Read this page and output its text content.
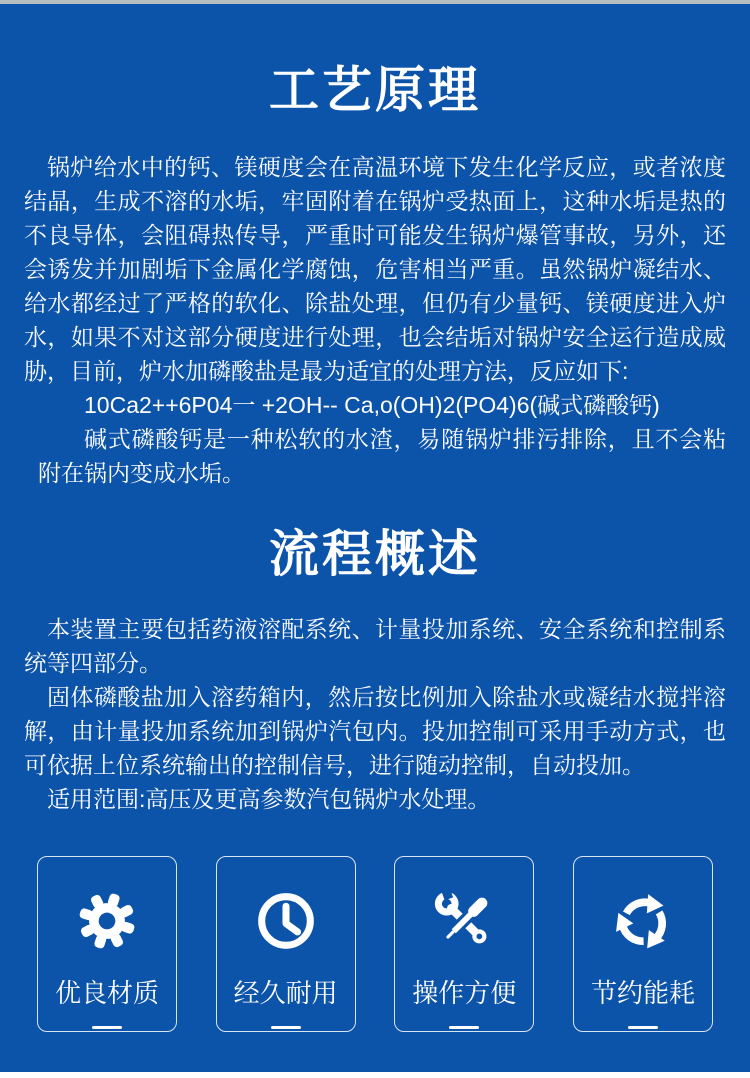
工艺原理

锅炉给水中的钙、镁硬度会在高温环境下发生化学反应，或者浓度结晶，生成不溶的水垢，牢固附着在锅炉受热面上，这种水垢是热的不良导体，会阻碍热传导，严重时可能发生锅炉爆管事故，另外，还会诱发并加剧垢下金属化学腐蚀，危害相当严重。虽然锅炉凝结水、给水都经过了严格的软化、除盐处理，但仍有少量钙、镁硬度进入炉水，如果不对这部分硬度进行处理，也会结垢对锅炉安全运行造成威胁，目前，炉水加磷酸盐是最为适宜的处理方法，反应如下:

10Ca2++6P04一 +2OH-- Ca,o(OH)2(PO4)6(碱式磷酸钙)

碱式磷酸钙是一种松软的水渣，易随锅炉排污排除，且不会粘附在锅内变成水垢。

流程概述

本装置主要包括药液溶配系统、计量投加系统、安全系统和控制系统等四部分。

固体磷酸盐加入溶药箱内，然后按比例加入除盐水或凝结水搅拌溶解，由计量投加系统加到锅炉汽包内。投加控制可采用手动方式，也可依据上位系统输出的控制信号，进行随动控制，自动投加。

适用范围:高压及更高参数汽包锅炉水处理。

优良材质	经久耐用	操作方便	节约能耗
